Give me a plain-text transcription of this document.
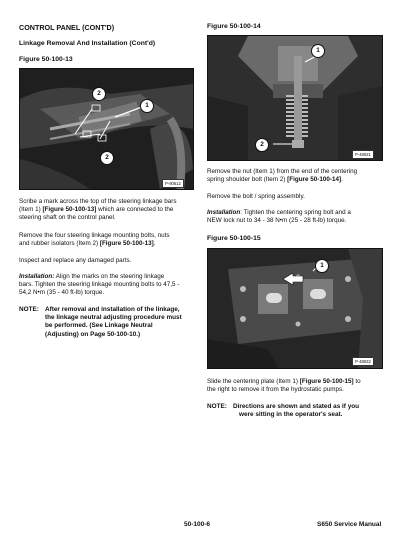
CONTROL PANEL (CONT'D)
Linkage Removal And Installation (Cont'd)
Figure 50-100-13
2
1
2
P-90612
Scribe a mark across the top of the steering linkage bars
(Item 1) [Figure 50-100-13] which are connected to the
steering shaft on the control panel.
Remove the four steering linkage mounting bolts, nuts
and rubber isolators (Item 2) [Figure 50-100-13].
Inspect and replace any damaged parts.
Installation: Align the marks on the steering linkage
bars. Tighten the steering linkage mounting bolts to 47,5 -
54,2 N•m (35 - 40 ft-lb) torque.
NOTE: After removal and installation of the linkage,
the linkage neutral adjusting procedure must
be performed. (See Linkage Neutral
(Adjusting) on Page 50-100-10.)
Figure 50-100-14
1
2
P-48631
Remove the nut (Item 1) from the end of the centering
spring shoulder bolt (Item 2) [Figure 50-100-14].
Remove the bolt / spring assembly.
Installation: Tighten the centering spring bolt and a
NEW lock nut to 34 - 38 N•m (25 - 28 ft-lb) torque.
Figure 50-100-15
1
P-48632
Slide the centering plate (Item 1) [Figure 50-100-15] to
the right to remove it from the hydrostatic pumps.
NOTE: Directions are shown and stated as if you
were sitting in the operator's seat.
50-100-6	S650 Service Manual
